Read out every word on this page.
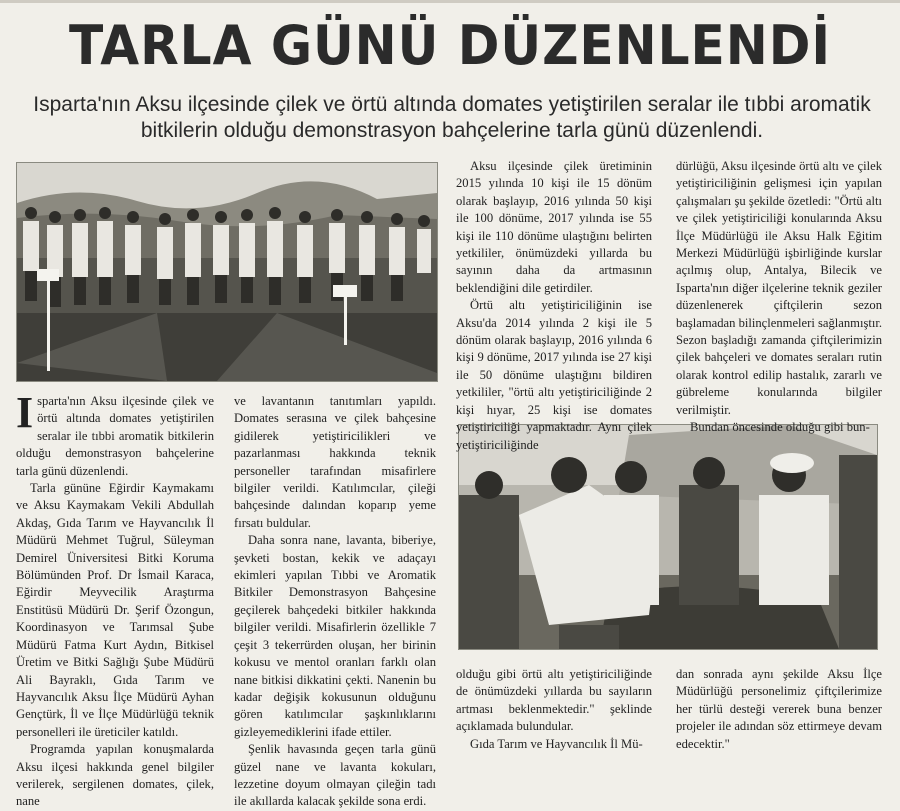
TARLA GÜNÜ DÜZENLENDİ
Isparta'nın Aksu ilçesinde çilek ve örtü altında domates yetiştirilen seralar ile tıbbi aromatik bitkilerin olduğu demonstrasyon bahçelerine tarla günü düzenlendi.

Isparta'nın Aksu ilçesinde çilek ve örtü altında domates yetiştirilen seralar ile tıbbi aromatik bitkilerin olduğu demonstrasyon bahçelerine tarla günü düzenlendi.

Tarla gününe Eğirdir Kaymakamı ve Aksu Kaymakam Vekili Abdullah Akdaş, Gıda Tarım ve Hayvancılık İl Müdürü Mehmet Tuğrul, Süleyman Demirel Üniversitesi Bitki Koruma Bölümünden Prof. Dr İsmail Karaca, Eğirdir Meyvecilik Araştırma Enstitüsü Müdürü Dr. Şerif Özongun, Koordinasyon ve Tarımsal Şube Müdürü Fatma Kurt Aydın, Bitkisel Üretim ve Bitki Sağlığı Şube Müdürü Ali Bayraklı, Gıda Tarım ve Hayvancılık Aksu İlçe Müdürü Ayhan Gençtürk, İl ve İlçe Müdürlüğü teknik personelleri ile üreticiler katıldı.

Programda yapılan konuşmalarda Aksu ilçesi hakkında genel bilgiler verilerek, sergilenen domates, çilek, nane

ve lavantanın tanıtımları yapıldı. Domates serasına ve çilek bahçesine gidilerek yetiştiricilikleri ve pazarlanması hakkında teknik personeller tarafından misafirlere bilgiler verildi. Katılımcılar, çileği bahçesinde dalından koparıp yeme fırsatı buldular.

Daha sonra nane, lavanta, biberiye, şevketi bostan, kekik ve adaçayı ekimleri yapılan Tıbbi ve Aromatik Bitkiler Demonstrasyon Bahçesine geçilerek bahçedeki bitkiler hakkında bilgiler verildi. Misafirlerin özellikle 7 çeşit 3 tekerrürden oluşan, her birinin kokusu ve mentol oranları farklı olan nane bitkisi dikkatini çekti. Nanenin bu kadar değişik kokusunun olduğunu gören katılımcılar şaşkınlıklarını gizleyemediklerini ifade ettiler.

Şenlik havasında geçen tarla günü güzel nane ve lavanta kokuları, lezzetine doyum olmayan çileğin tadı ile akıllarda kalacak şekilde sona erdi.

Aksu ilçesinde çilek üretiminin 2015 yılında 10 kişi ile 15 dönüm olarak başlayıp, 2016 yılında 50 kişi ile 100 dönüme, 2017 yılında ise 55 kişi ile 110 dönüme ulaştığını belirten yetkililer, önümüzdeki yıllarda bu sayının daha da artmasının beklendiğini dile getirdiler.

Örtü altı yetiştiriciliğinin ise Aksu'da 2014 yılında 2 kişi ile 5 dönüm olarak başlayıp, 2016 yılında 6 kişi 9 dönüme, 2017 yılında ise 27 kişi ile 50 dönüme ulaştığını bildiren yetkililer, "örtü altı yetiştiriciliğinde 2 kişi hıyar, 25 kişi ise domates yetiştiriciliği yapmaktadır. Aynı çilek yetiştiriciliğinde

dürlüğü, Aksu ilçesinde örtü altı ve çilek yetiştiriciliğinin gelişmesi için yapılan çalışmaları şu şekilde özetledi: "Örtü altı ve çilek yetiştiriciliği konularında Aksu İlçe Müdürlüğü ile Aksu Halk Eğitim Merkezi Müdürlüğü işbirliğinde kurslar açılmış olup, Antalya, Bilecik ve Isparta'nın diğer ilçelerine teknik geziler düzenlenerek çiftçilerin sezon başlamadan bilinçlenmeleri sağlanmıştır. Sezon başladığı zamanda çiftçilerimizin çilek bahçeleri ve domates seraları rutin olarak kontrol edilip hastalık, zararlı ve gübreleme konularında bilgiler verilmiştir.

Bundan öncesinde olduğu gibi bun-

olduğu gibi örtü altı yetiştiriciliğinde de önümüzdeki yıllarda bu sayıların artması beklenmektedir." şeklinde açıklamada bulundular.

Gıda Tarım ve Hayvancılık İl Mü-

dan sonrada aynı şekilde Aksu İlçe Müdürlüğü personelimiz çiftçilerimize her türlü desteği vererek buna benzer projeler ile adından söz ettirmeye devam edecektir."
